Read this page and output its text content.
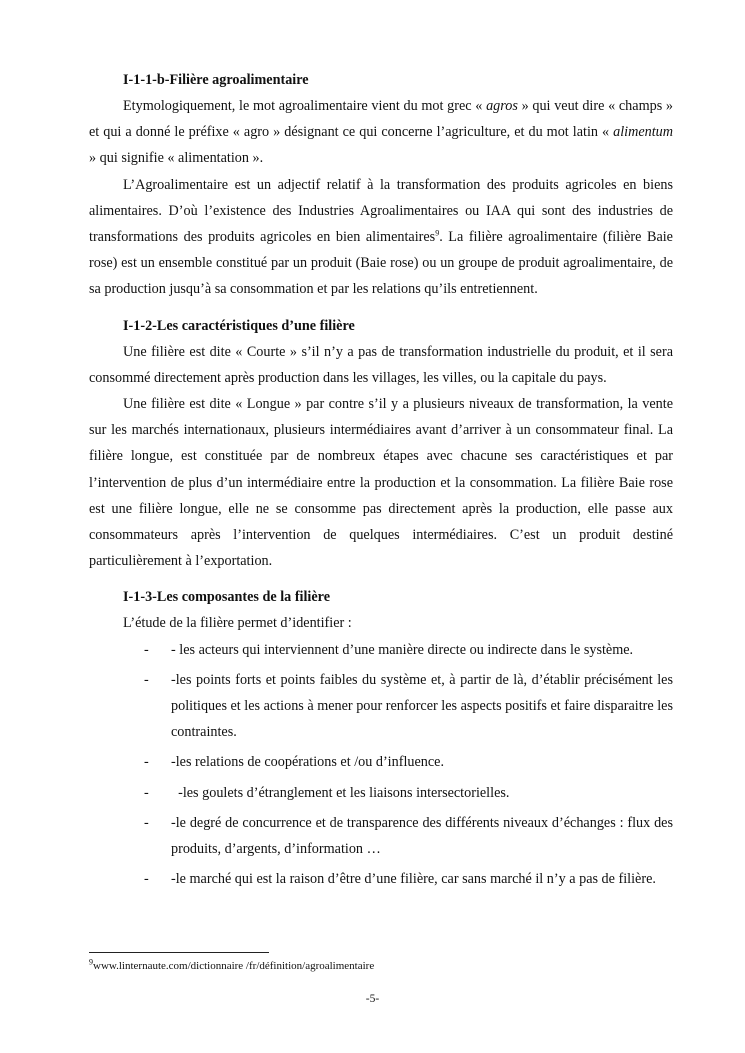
I-1-1-b-Filière agroalimentaire

Etymologiquement, le mot agroalimentaire vient du mot grec « agros » qui veut dire « champs » et qui a donné le préfixe « agro » désignant ce qui concerne l’agriculture, et du mot latin « alimentum » qui signifie « alimentation ».

L’Agroalimentaire est un adjectif relatif à la transformation des produits agricoles en biens alimentaires. D’où l’existence des Industries Agroalimentaires ou IAA qui sont des industries de transformations des produits agricoles en bien alimentaires$^9$. La filière agroalimentaire (filière Baie rose) est un ensemble constitué par un produit (Baie rose) ou un groupe de produit agroalimentaire, de sa production jusqu’à sa consommation et par les relations qu’ils entretiennent.

I-1-2-Les caractéristiques d’une filière

Une filière est dite « Courte » s’il n’y a pas de transformation industrielle du produit, et il sera consommé directement après production dans les villages, les villes, ou la capitale du pays.

Une filière est dite « Longue » par contre s’il y a plusieurs niveaux de transformation, la vente sur les marchés internationaux, plusieurs intermédiaires avant d’arriver à un consommateur final. La filière longue, est constituée par de nombreux étapes avec chacune ses caractéristiques et par l’intervention de plus d’un intermédiaire entre la production et la consommation. La filière Baie rose est une filière longue, elle ne se consomme pas directement après la production, elle passe aux consommateurs après l’intervention de quelques intermédiaires. C’est un produit destiné particulièrement à l’exportation.

I-1-3-Les composantes de la filière

L’étude de la filière permet d’identifier :

- - les acteurs qui interviennent d’une manière directe ou indirecte dans le système.
- -les points forts et points faibles du système et, à partir de là, d’établir précisément les politiques et les actions à mener pour renforcer les aspects positifs et faire disparaitre les contraintes.
- -les relations de coopérations et /ou d’influence.
- -les goulets d’étranglement et les liaisons intersectorielles.
- -le degré de concurrence et de transparence des différents niveaux d’échanges : flux des produits, d’argents, d’information …
- -le marché qui est la raison d’être d’une filière, car sans marché il n’y a pas de filière.
$^9$www.linternaute.com/dictionnaire /fr/définition/agroalimentaire
-5-
